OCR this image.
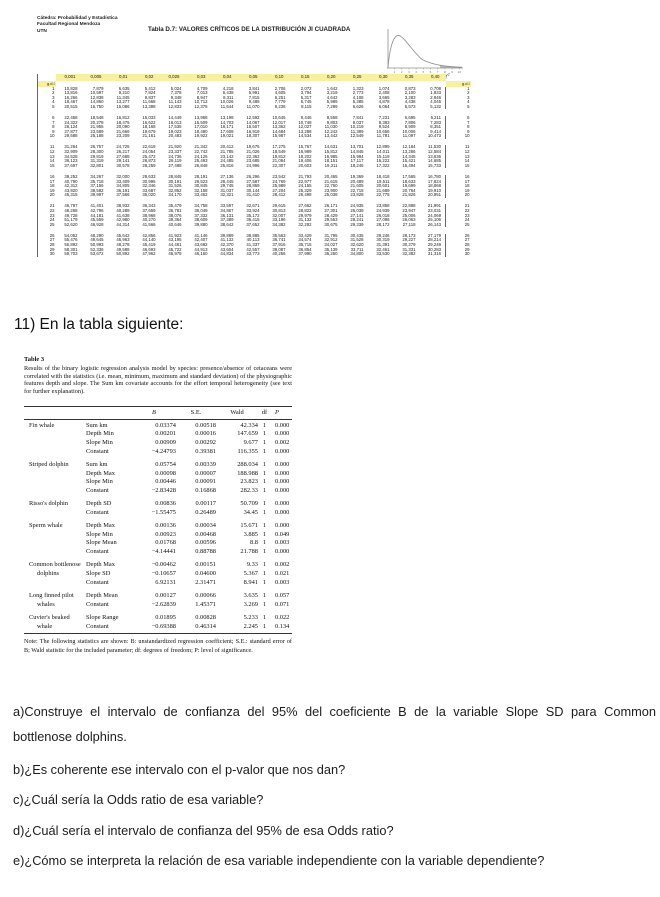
Cátedra: Probabilidad y Estadística
Facultad Regional Mendoza
UTN	Tabla D.7: VALORES CRÍTICOS DE LA DISTRIBUCIÓN JI CUADRADA
1 2 3 4 5 6 7 8 9 10
χ²
	0,001	0,005	0,01	0,02	0,025	0,03	0,04	0,05	0,10	0,15	0,20	0,25	0,30	0,35	0,40	
g.d.l																g.d.l
1	10,828	7,879	6,635	5,412	5,024	4,709	4,218	3,841	2,706	2,072	1,642	1,323	1,074	0,873	0,708	1
2	13,816	10,597	9,210	7,824	7,378	7,013	6,438	5,991	4,605	3,794	3,219	2,773	2,408	2,100	1,833	2
3	16,266	12,838	11,345	9,837	9,348	8,947	8,311	7,815	6,251	5,317	4,642	4,108	3,665	3,283	2,946	3
4	18,467	14,860	13,277	11,668	11,143	10,712	10,026	9,488	7,779	6,745	5,989	5,385	4,878	4,438	4,045	4
5	20,515	16,750	15,086	13,388	12,833	12,375	11,644	11,070	9,236	8,115	7,289	6,626	6,064	5,573	5,132	5

6	22,458	18,548	16,812	15,033	14,449	13,968	13,198	12,592	10,645	9,446	8,558	7,841	7,231	6,695	6,211	6
7	24,322	20,278	18,475	16,622	16,013	15,509	14,703	14,067	12,017	10,748	9,803	9,037	8,383	7,806	7,283	7
8	26,124	21,955	20,090	18,168	17,535	17,010	16,171	15,507	13,362	12,027	11,030	10,219	9,524	8,909	8,351	8
9	27,877	23,589	21,666	19,679	19,023	18,480	17,608	16,919	14,684	13,288	12,242	11,389	10,656	10,006	9,414	9
10	29,588	25,188	23,209	21,161	20,483	19,922	19,021	18,307	15,987	14,534	13,442	12,549	11,781	11,097	10,473	10

11	31,264	26,757	24,725	22,618	21,920	21,342	20,412	19,675	17,275	15,767	14,631	13,701	12,899	12,184	11,530	11
12	32,909	28,300	26,217	24,054	23,337	22,742	21,785	21,026	18,549	16,989	15,812	14,845	14,011	13,266	12,584	12
13	34,528	29,819	27,688	25,472	24,736	24,125	23,142	22,362	19,812	18,202	16,985	15,984	15,119	14,345	13,636	13
14	36,123	31,319	29,141	26,873	26,119	25,493	24,485	23,685	21,064	19,406	18,151	17,117	16,222	15,421	14,685	14
15	37,697	32,801	30,578	28,259	27,488	26,848	25,816	24,996	22,307	20,603	19,311	18,245	17,322	16,494	15,733	15

16	39,252	34,267	32,000	29,633	28,845	28,191	27,136	26,296	23,542	21,793	20,465	19,369	18,418	17,565	16,780	16
17	40,790	35,718	33,409	30,995	30,191	29,523	28,445	27,587	24,769	22,977	21,615	20,489	19,511	18,633	17,824	17
18	42,312	37,156	34,805	32,346	31,526	30,845	29,745	28,869	25,989	24,155	22,760	21,605	20,601	19,699	18,868	18
19	43,820	38,582	36,191	33,687	32,852	32,158	31,037	30,144	27,204	25,329	23,900	22,718	21,689	20,764	19,910	19
20	45,315	39,997	37,566	35,020	34,170	33,462	32,321	31,410	28,412	26,498	25,038	23,828	22,775	21,826	20,951	20

21	46,797	41,401	38,932	36,343	35,479	34,758	33,597	32,671	29,615	27,662	26,171	24,935	23,858	22,888	21,991	21
22	48,268	42,796	40,289	37,659	36,781	36,049	34,867	33,924	30,813	28,822	27,301	26,039	24,939	23,947	23,031	22
23	49,728	44,181	41,638	38,968	38,076	37,332	36,131	35,172	32,007	29,979	28,429	27,141	26,018	25,006	24,069	23
24	51,179	45,559	42,980	40,270	39,364	38,609	37,389	36,415	33,196	31,132	29,553	28,241	27,096	26,063	25,106	24
25	52,620	46,928	44,314	41,566	40,646	39,880	38,642	37,652	34,382	32,282	30,675	29,339	28,172	27,118	26,143	25

26	54,052	48,290	45,642	42,856	41,923	41,146	39,889	38,885	35,563	33,429	31,795	30,435	29,246	28,173	27,179	26
27	55,476	49,645	46,963	44,140	43,195	42,407	41,132	40,113	36,741	34,574	32,912	31,528	30,319	29,227	28,214	27
28	56,892	50,993	48,278	45,419	44,461	43,662	42,370	41,337	37,916	35,715	34,027	32,620	31,391	30,279	29,249	28
29	58,301	52,336	49,588	46,693	45,722	44,913	43,604	42,557	39,087	36,854	35,139	33,711	32,461	31,331	30,283	29
30	59,703	53,672	50,892	47,962	46,979	46,160	44,834	43,773	40,256	37,990	36,250	34,800	33,530	32,382	31,316	30
11) En la tabla siguiente:
Table 3
Results of the binary logistic regression analysis model by species: presence/absence of cetaceans were correlated with the statistics (i.e. mean, minimum, maximum and standard deviation) of the physiographic features depth and slope. The Sum km covariate accounts for the effort temporal heterogeneity (see text for further explanation).
B	S.E.	Wald	df	P
Fin whale	Sum km	0.03374	0.00518	42.334 1	0.000
Depth Min	0.00201	0.00016	147.659 1	0.000
Slope Min	0.00909	0.00292	9.677 1	0.002
Constant	−4.24793	0.39381	116.355 1	0.000
Striped dolphin	Sum km	0.05754	0.00339	288.034 1	0.000
Depth Max	0.00098	0.00007	188.988 1	0.000
Slope Min	0.00446	0.00091	23.823 1	0.000
Constant	−2.83428	0.16868	282.33 1	0.000
Risso's dolphin	Depth SD	0.00836	0.00117	50.709 1	0.000
Constant	−1.55475	0.26489	34.45 1	0.000
Sperm whale	Depth Max	0.00136	0.00034	15.671 1	0.000
Slope Min	0.00923	0.00468	3.885 1	0.049
Slope Mean	0.01768	0.00596	8.8 1	0.003
Constant	−4.14441	0.88788	21.788 1	0.000
Common bottlenose Depth Max	−0.00462	0.00151	9.33 1	0.002
dolphins	Slope SD	−0.10657	0.04600	5.367 1	0.021
Constant	6.92131	2.31471	8.941 1	0.003
Long finned pilot	Depth Mean	0.00127	0.00066	3.635 1	0.057
whales	Constant	−2.62839	1.45371	3.269 1	0.071
Cuvier's beaked	Slope Range	0.01895	0.00828	5.233 1	0.022
whale	Constant	−0.69388	0.46314	2.245 1	0.134
Note: The following statistics are shown: B: unstandardized regression coefficient; S.E.: standard error of B; Wald statistic for the included parameter; df: degrees of freedom; P: level of significance.

a)Construye el intervalo de confianza del 95% del coeficiente B de la variable Slope SD para Common bottlenose dolphins.

b)¿Es coherente ese intervalo con el p-valor que nos dan?

c)¿Cuál sería la Odds ratio de esa variable?

d)¿Cuál sería el intervalo de confianza del 95% de esa Odds ratio?

e)¿Cómo se interpreta la relación de esa variable independiente con la variable dependiente?
